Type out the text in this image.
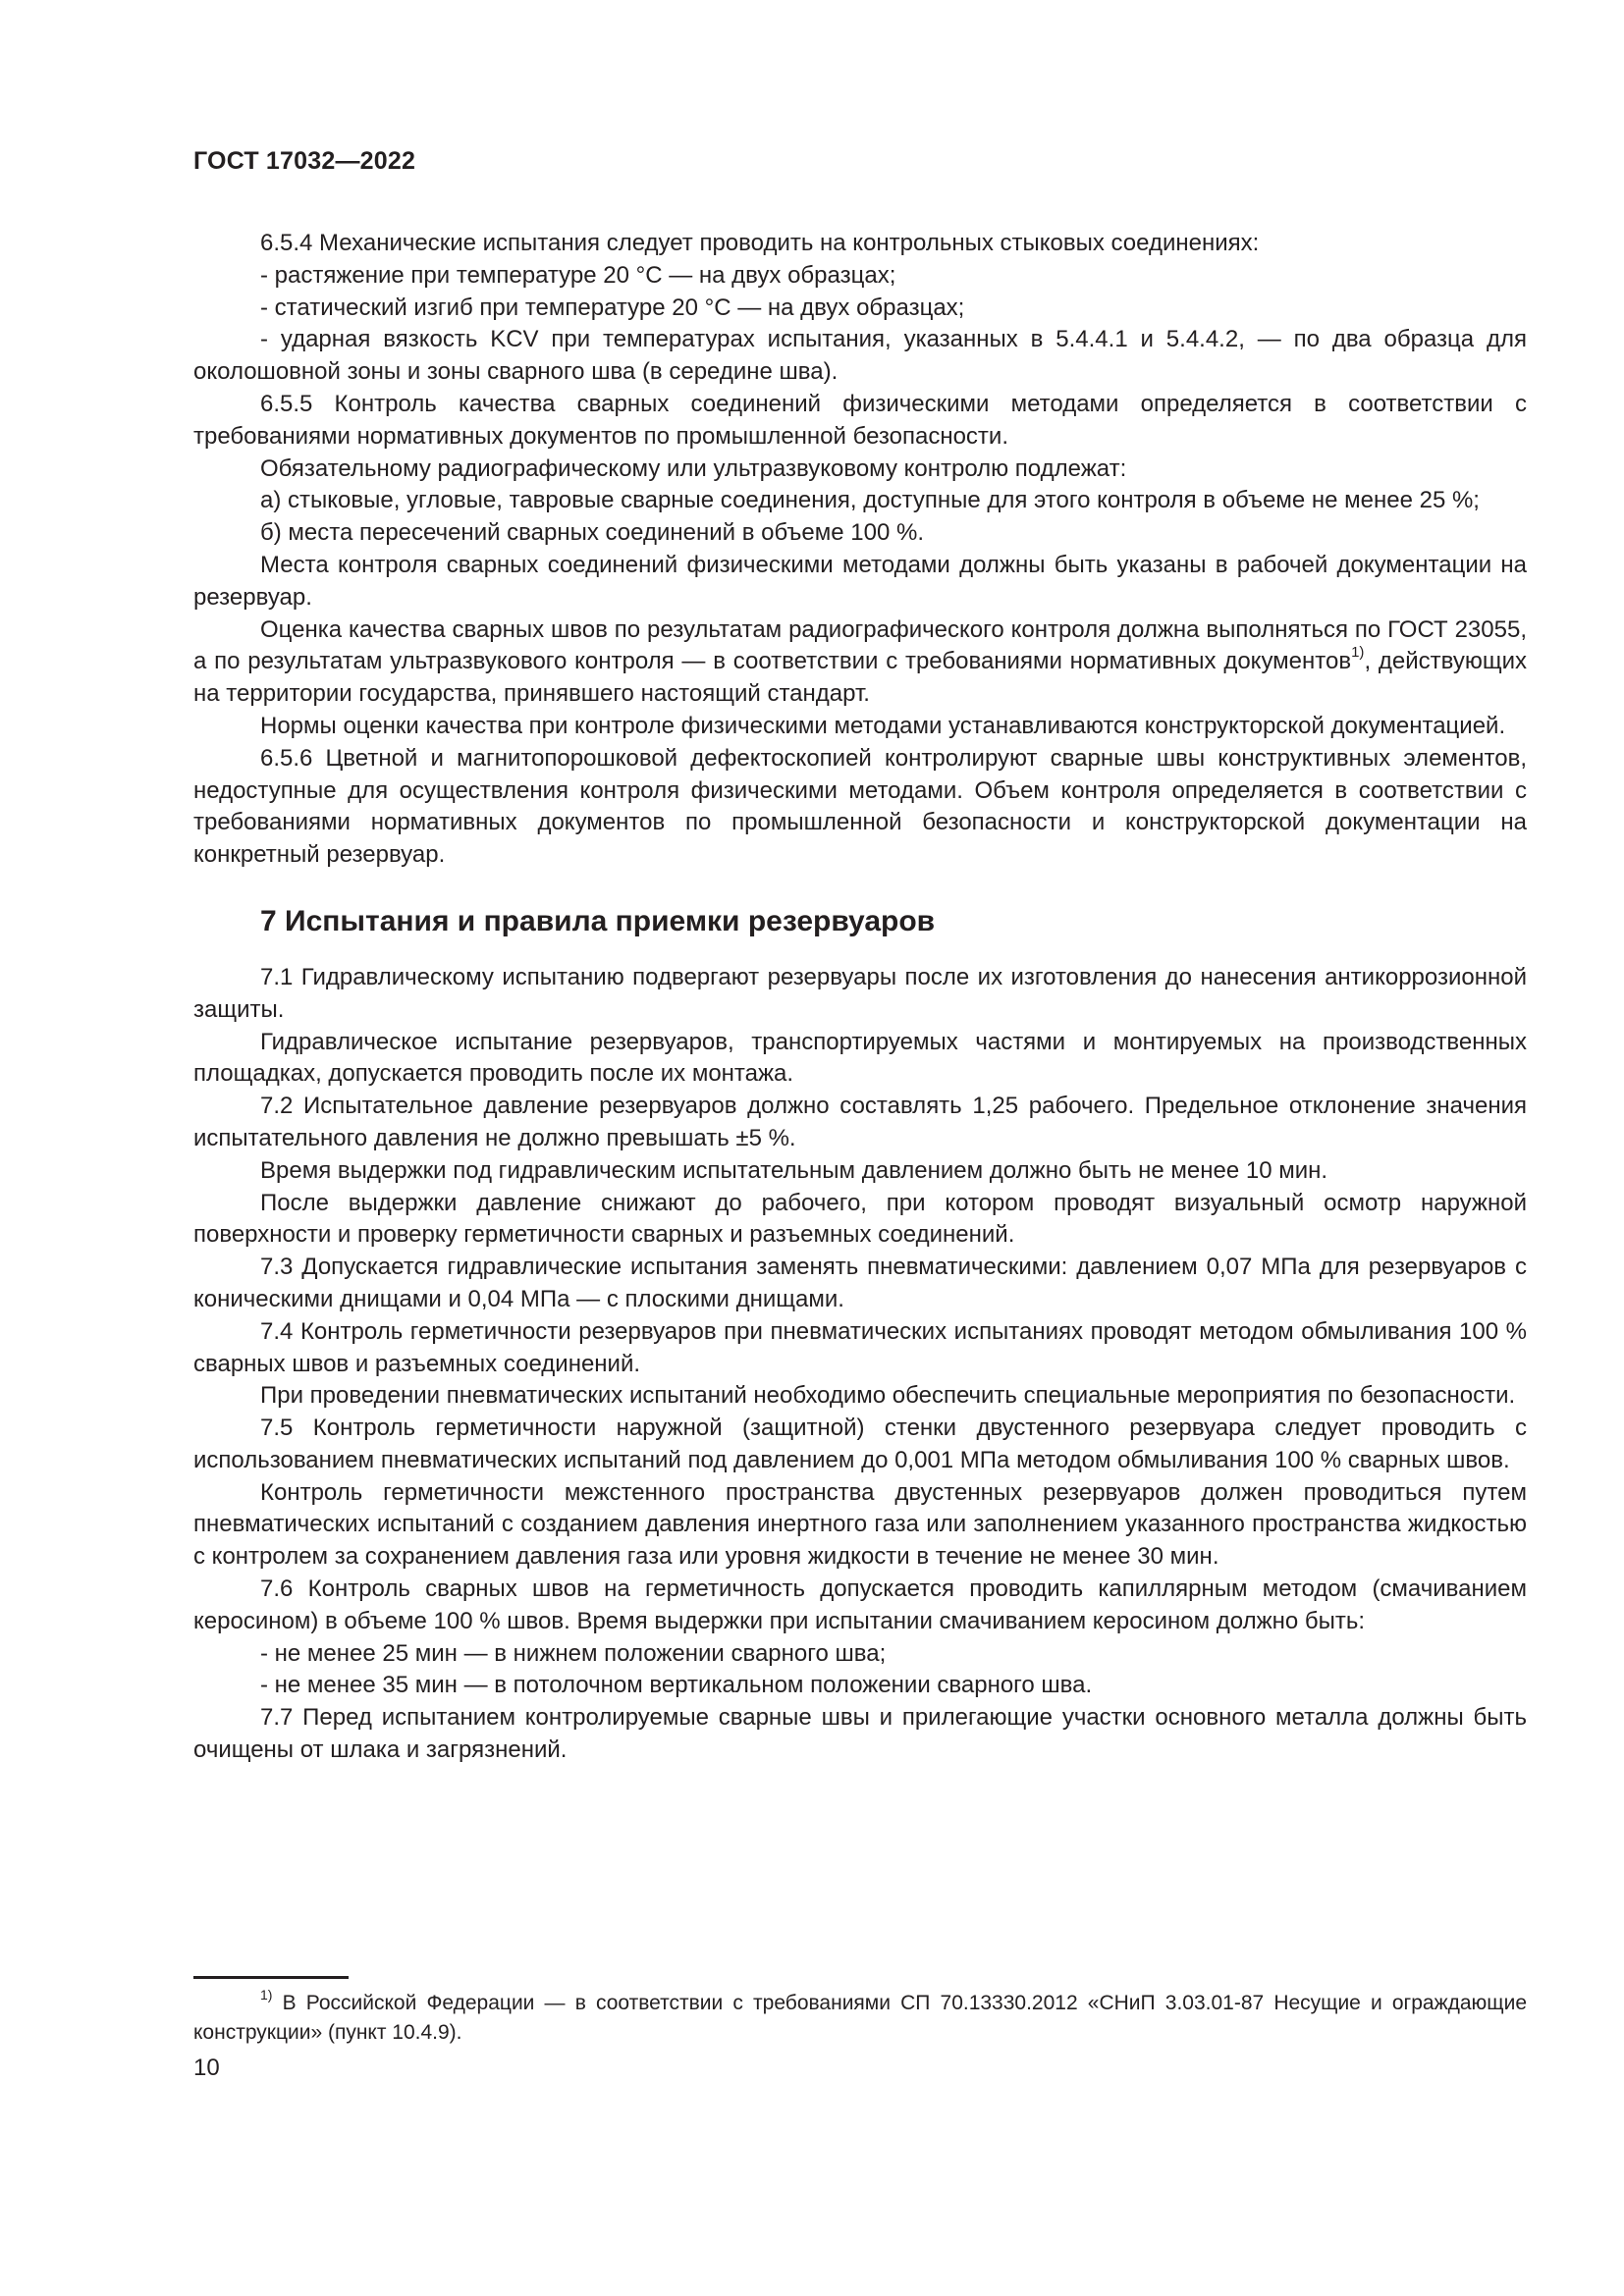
ГОСТ 17032—2022

6.5.4 Механические испытания следует проводить на контрольных стыковых соединениях:

- растяжение при температуре 20 °С — на двух образцах;

- статический изгиб при температуре 20 °С — на двух образцах;

- ударная вязкость KCV при температурах испытания, указанных в 5.4.4.1 и 5.4.4.2, — по два образца для околошовной зоны и зоны сварного шва (в середине шва).

6.5.5 Контроль качества сварных соединений физическими методами определяется в соответствии с требованиями нормативных документов по промышленной безопасности.

Обязательному радиографическому или ультразвуковому контролю подлежат:

а) стыковые, угловые, тавровые сварные соединения, доступные для этого контроля в объеме не менее 25 %;

б) места пересечений сварных соединений в объеме 100 %.

Места контроля сварных соединений физическими методами должны быть указаны в рабочей документации на резервуар.

Оценка качества сварных швов по результатам радиографического контроля должна выполняться по ГОСТ 23055, а по результатам ультразвукового контроля — в соответствии с требованиями нормативных документов$^{1)}$, действующих на территории государства, принявшего настоящий стандарт.

Нормы оценки качества при контроле физическими методами устанавливаются конструкторской документацией.

6.5.6 Цветной и магнитопорошковой дефектоскопией контролируют сварные швы конструктивных элементов, недоступные для осуществления контроля физическими методами. Объем контроля определяется в соответствии с требованиями нормативных документов по промышленной безопасности и конструкторской документации на конкретный резервуар.

7 Испытания и правила приемки резервуаров

7.1 Гидравлическому испытанию подвергают резервуары после их изготовления до нанесения антикоррозионной защиты.

Гидравлическое испытание резервуаров, транспортируемых частями и монтируемых на производственных площадках, допускается проводить после их монтажа.

7.2 Испытательное давление резервуаров должно составлять 1,25 рабочего. Предельное отклонение значения испытательного давления не должно превышать ±5 %.

Время выдержки под гидравлическим испытательным давлением должно быть не менее 10 мин.

После выдержки давление снижают до рабочего, при котором проводят визуальный осмотр наружной поверхности и проверку герметичности сварных и разъемных соединений.

7.3 Допускается гидравлические испытания заменять пневматическими: давлением 0,07 МПа для резервуаров с коническими днищами и 0,04 МПа — с плоскими днищами.

7.4 Контроль герметичности резервуаров при пневматических испытаниях проводят методом обмыливания 100 % сварных швов и разъемных соединений.

При проведении пневматических испытаний необходимо обеспечить специальные мероприятия по безопасности.

7.5 Контроль герметичности наружной (защитной) стенки двустенного резервуара следует проводить с использованием пневматических испытаний под давлением до 0,001 МПа методом обмыливания 100 % сварных швов.

Контроль герметичности межстенного пространства двустенных резервуаров должен проводиться путем пневматических испытаний с созданием давления инертного газа или заполнением указанного пространства жидкостью с контролем за сохранением давления газа или уровня жидкости в течение не менее 30 мин.

7.6 Контроль сварных швов на герметичность допускается проводить капиллярным методом (смачиванием керосином) в объеме 100 % швов. Время выдержки при испытании смачиванием керосином должно быть:

- не менее 25 мин — в нижнем положении сварного шва;

- не менее 35 мин — в потолочном вертикальном положении сварного шва.

7.7 Перед испытанием контролируемые сварные швы и прилегающие участки основного металла должны быть очищены от шлака и загрязнений.

$^{1)}$ В Российской Федерации — в соответствии с требованиями СП 70.13330.2012 «СНиП 3.03.01-87 Несущие и ограждающие конструкции» (пункт 10.4.9).

10
